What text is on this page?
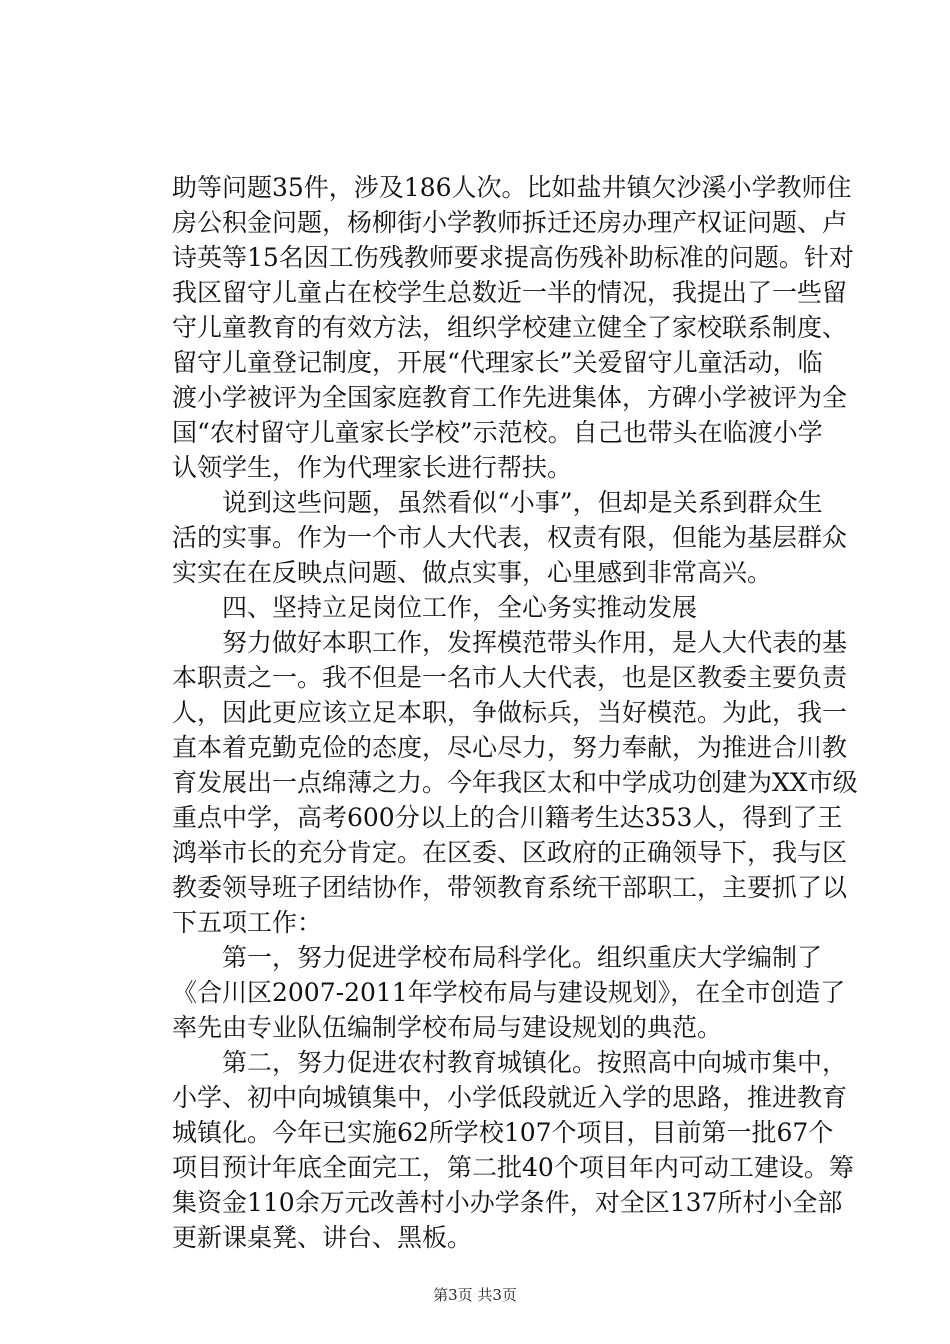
助等问题35件，涉及186人次。比如盐井镇欠沙溪小学教师住
房公积金问题，杨柳街小学教师拆迁还房办理产权证问题、卢
诗英等15名因工伤残教师要求提高伤残补助标准的问题。针对
我区留守儿童占在校学生总数近一半的情况，我提出了一些留
守儿童教育的有效方法，组织学校建立健全了家校联系制度、
留守儿童登记制度，开展“代理家长”关爱留守儿童活动，临
渡小学被评为全国家庭教育工作先进集体，方碑小学被评为全
国“农村留守儿童家长学校”示范校。自己也带头在临渡小学
认领学生，作为代理家长进行帮扶。
　　说到这些问题，虽然看似“小事”，但却是关系到群众生
活的实事。作为一个市人大代表，权责有限，但能为基层群众
实实在在反映点问题、做点实事，心里感到非常高兴。
　　四、坚持立足岗位工作，全心务实推动发展
　　努力做好本职工作，发挥模范带头作用，是人大代表的基
本职责之一。我不但是一名市人大代表，也是区教委主要负责
人，因此更应该立足本职，争做标兵，当好模范。为此，我一
直本着克勤克俭的态度，尽心尽力，努力奉献，为推进合川教
育发展出一点绵薄之力。今年我区太和中学成功创建为XX市级
重点中学，高考600分以上的合川籍考生达353人，得到了王
鸿举市长的充分肯定。在区委、区政府的正确领导下，我与区
教委领导班子团结协作，带领教育系统干部职工，主要抓了以
下五项工作：
　　第一，努力促进学校布局科学化。组织重庆大学编制了
《合川区2007-2011年学校布局与建设规划》，在全市创造了
率先由专业队伍编制学校布局与建设规划的典范。
　　第二，努力促进农村教育城镇化。按照高中向城市集中，
小学、初中向城镇集中，小学低段就近入学的思路，推进教育
城镇化。今年已实施62所学校107个项目，目前第一批67个
项目预计年底全面完工，第二批40个项目年内可动工建设。筹
集资金110余万元改善村小办学条件，对全区137所村小全部
更新课桌凳、讲台、黑板。
第3页 共3页
